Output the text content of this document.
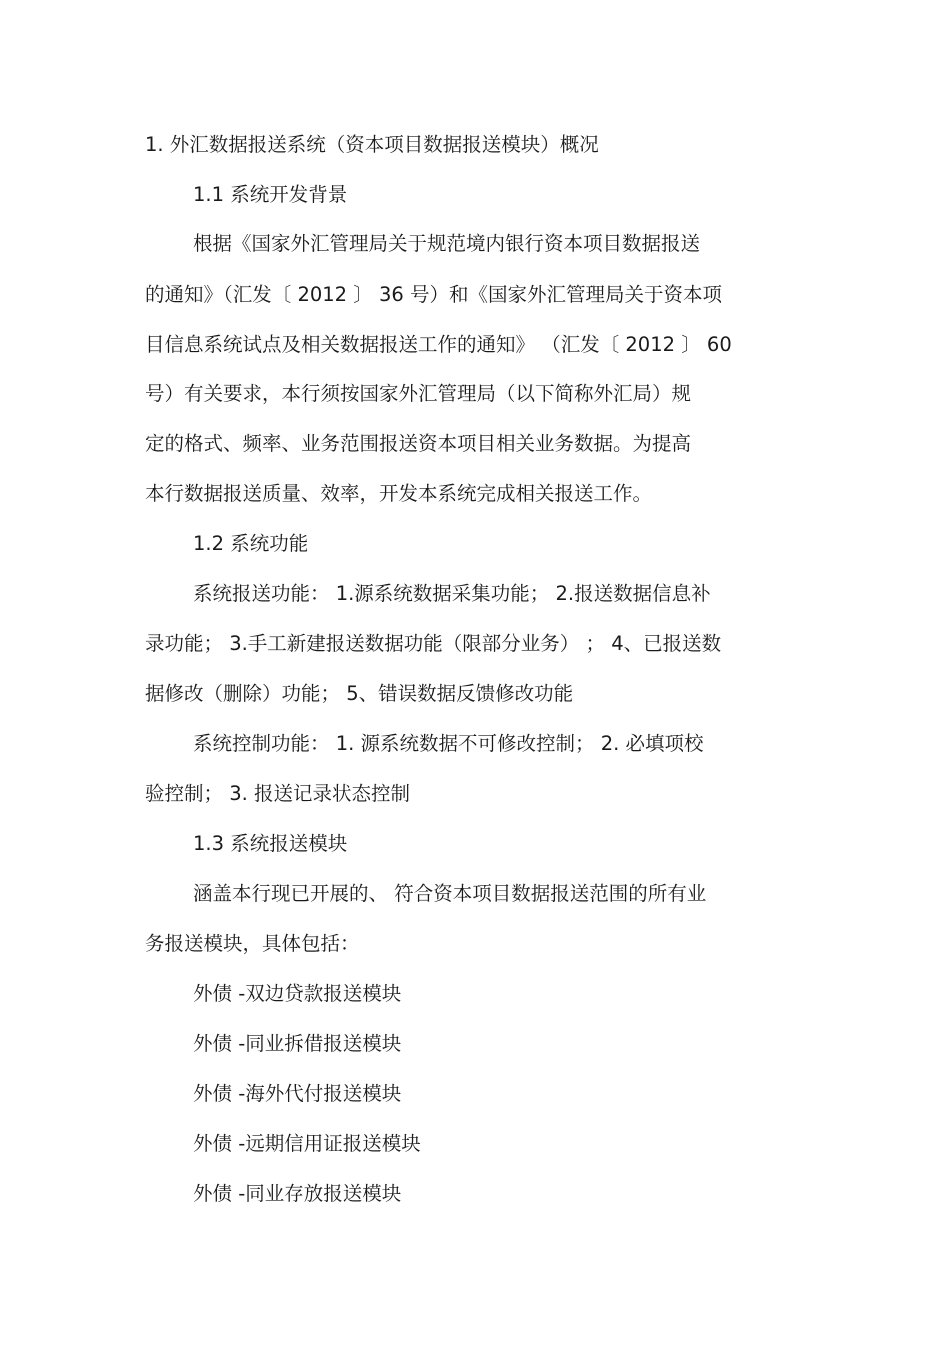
1. 外汇数据报送系统（资本项目数据报送模块）概况
1.1 系统开发背景
根据《国家外汇管理局关于规范境内银行资本项目数据报送
的通知》（汇发〔 2012 〕 36 号）和《国家外汇管理局关于资本项
目信息系统试点及相关数据报送工作的通知》 （汇发〔 2012 〕 60
号）有关要求，本行须按国家外汇管理局（以下简称外汇局）规
定的格式、频率、业务范围报送资本项目相关业务数据。为提高
本行数据报送质量、效率，开发本系统完成相关报送工作。
1.2 系统功能
系统报送功能： 1.源系统数据采集功能； 2.报送数据信息补
录功能； 3.手工新建报送数据功能（限部分业务） ； 4、已报送数
据修改（删除）功能； 5、错误数据反馈修改功能
系统控制功能： 1. 源系统数据不可修改控制； 2. 必填项校
验控制； 3. 报送记录状态控制
1.3 系统报送模块
涵盖本行现已开展的、 符合资本项目数据报送范围的所有业
务报送模块，具体包括：
外债 -双边贷款报送模块
外债 -同业拆借报送模块
外债 -海外代付报送模块
外债 -远期信用证报送模块
外债 -同业存放报送模块
